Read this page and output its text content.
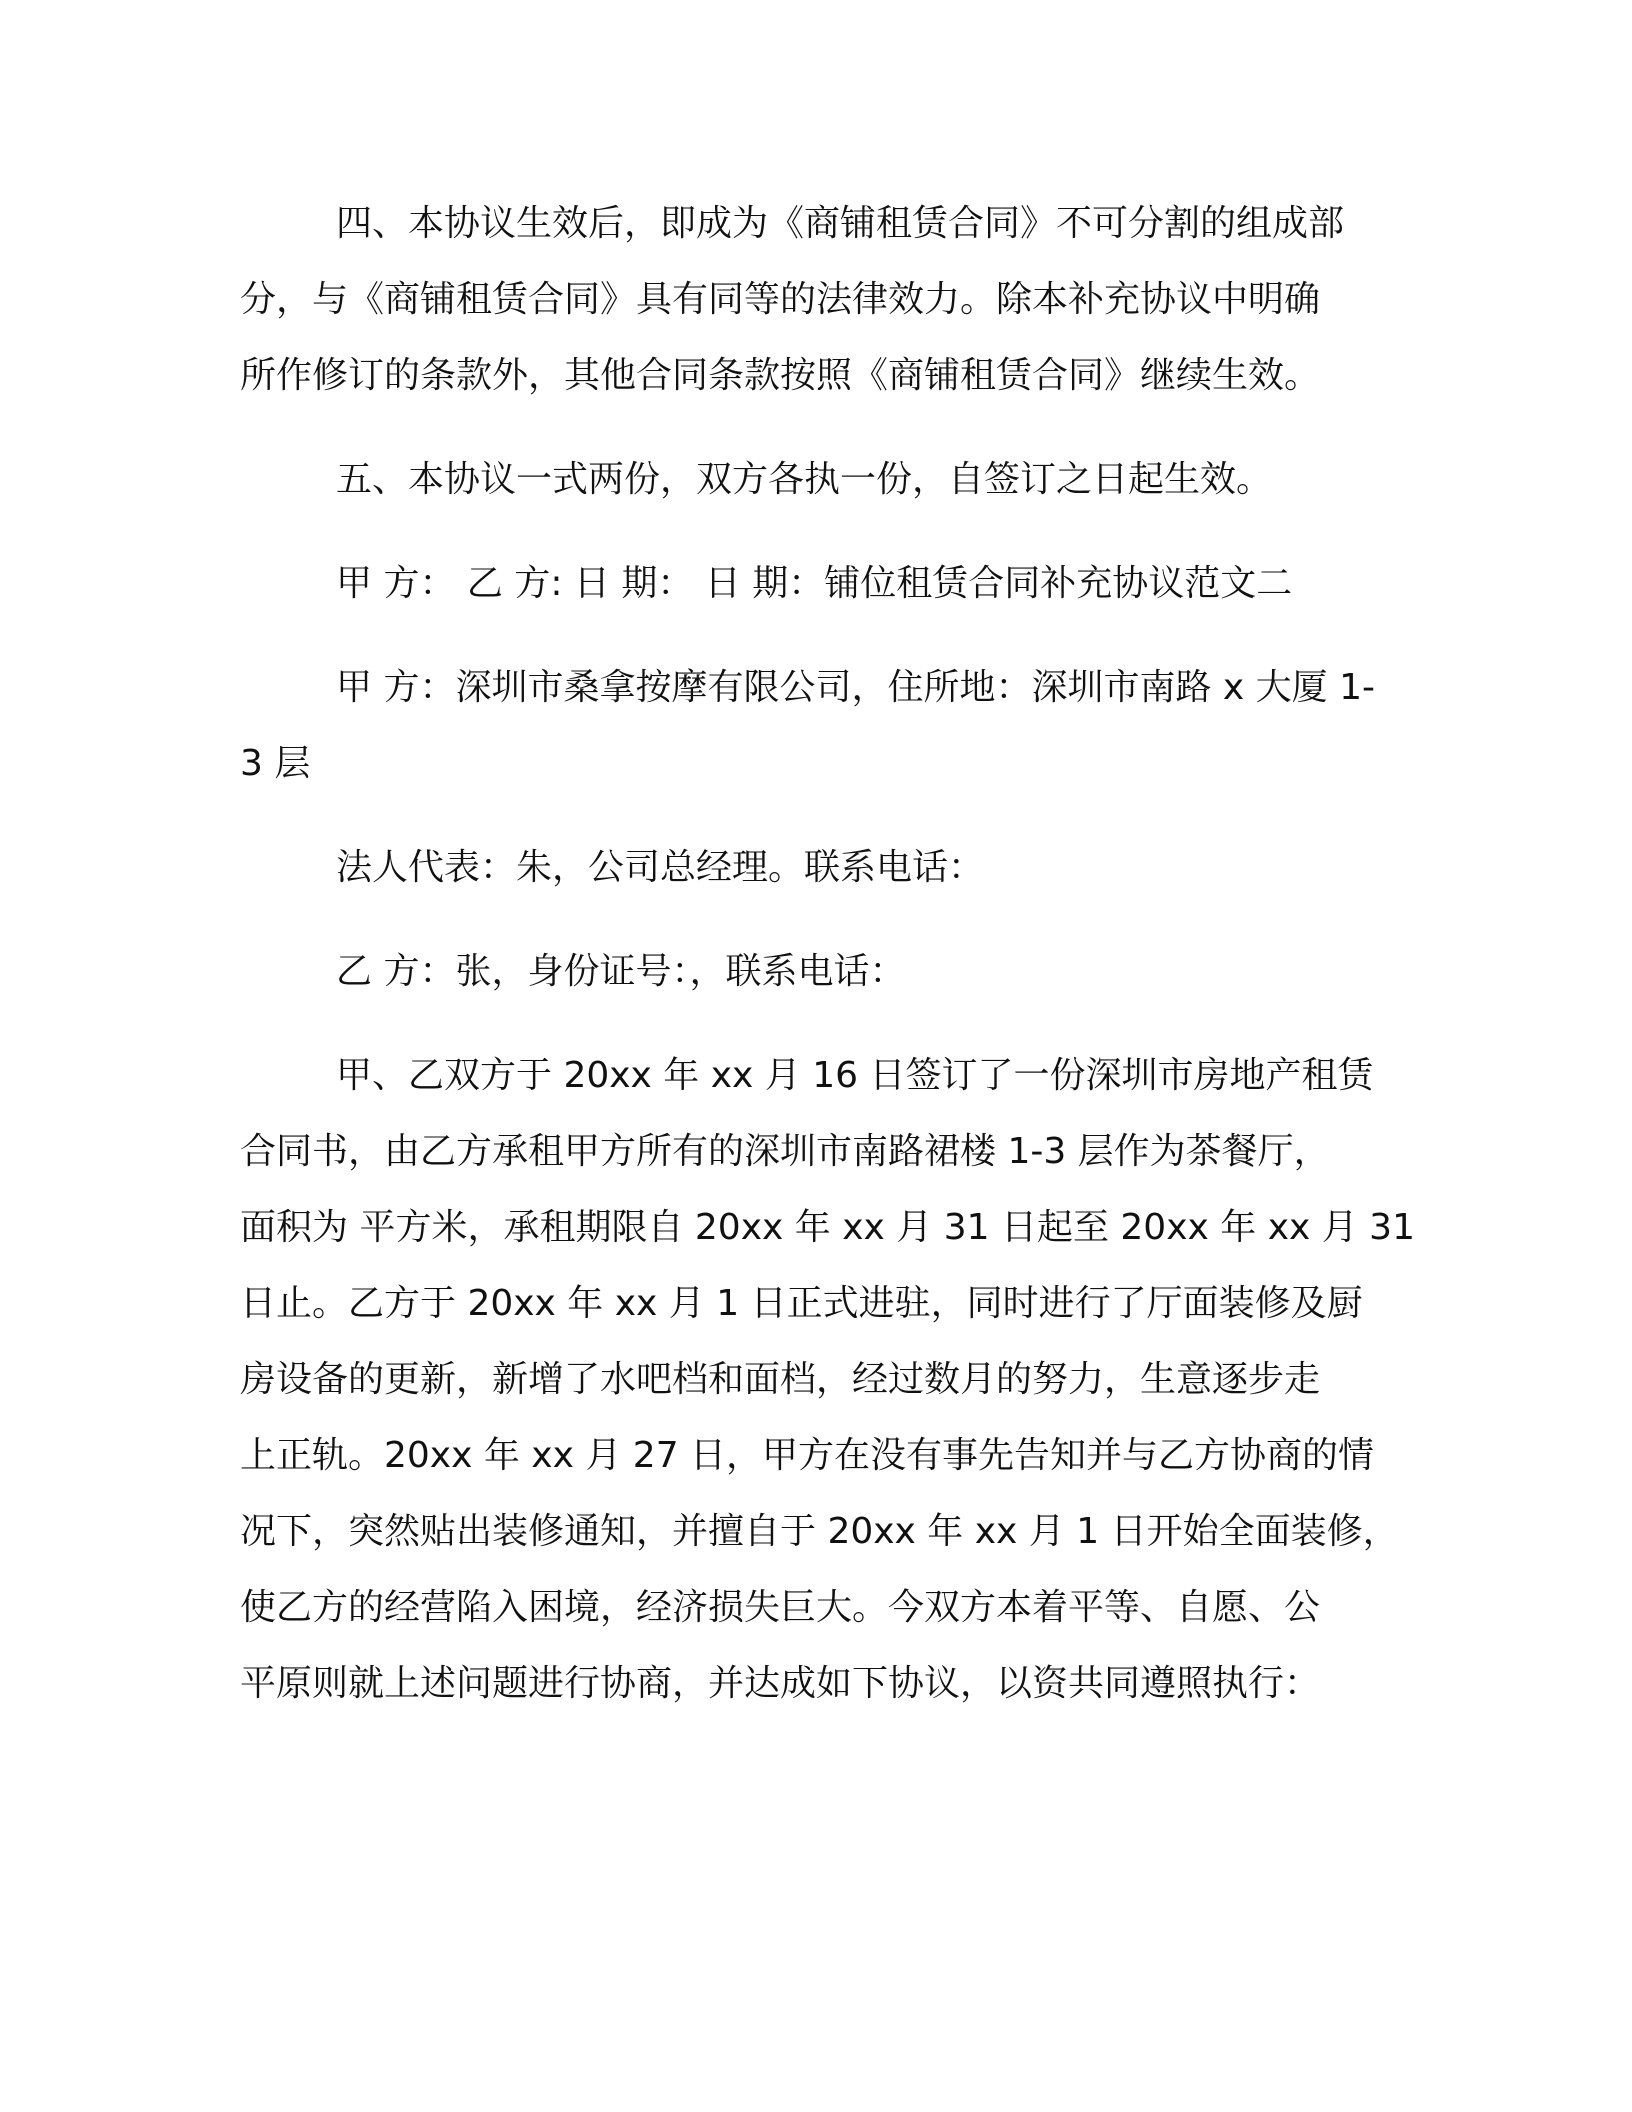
四、本协议生效后，即成为《商铺租赁合同》不可分割的组成部
分，与《商铺租赁合同》具有同等的法律效力。除本补充协议中明确
所作修订的条款外，其他合同条款按照《商铺租赁合同》继续生效。

五、本协议一式两份，双方各执一份，自签订之日起生效。

甲 方： 乙 方: 日 期： 日 期：铺位租赁合同补充协议范文二

甲 方：深圳市桑拿按摩有限公司，住所地：深圳市南路 x 大厦 1-
3 层

法人代表：朱，公司总经理。联系电话：

乙 方：张，身份证号：，联系电话：

甲、乙双方于 20xx 年 xx 月 16 日签订了一份深圳市房地产租赁
合同书，由乙方承租甲方所有的深圳市南路裙楼 1-3 层作为茶餐厅，
面积为 平方米，承租期限自 20xx 年 xx 月 31 日起至 20xx 年 xx 月 31
日止。乙方于 20xx 年 xx 月 1 日正式进驻，同时进行了厅面装修及厨
房设备的更新，新增了水吧档和面档，经过数月的努力，生意逐步走
上正轨。20xx 年 xx 月 27 日，甲方在没有事先告知并与乙方协商的情
况下，突然贴出装修通知，并擅自于 20xx 年 xx 月 1 日开始全面装修，
使乙方的经营陷入困境，经济损失巨大。今双方本着平等、自愿、公
平原则就上述问题进行协商，并达成如下协议，以资共同遵照执行：
